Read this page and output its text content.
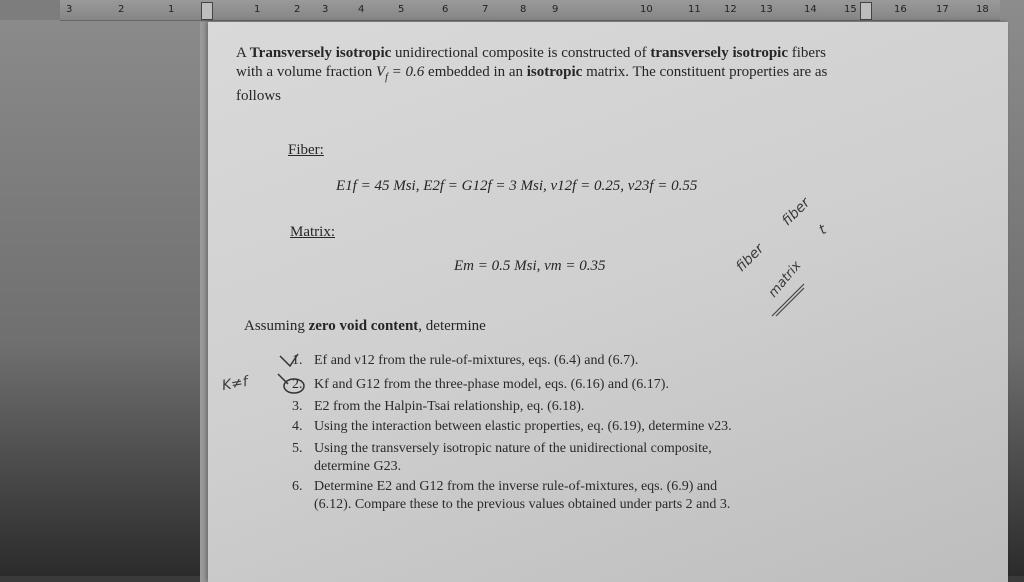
3	2	1	1	2 3	4	5	6	7	8	9	10	11 12 13	14	15	16	17	18
A Transversely isotropic unidirectional composite is constructed of transversely isotropic fibers with a volume fraction $V_f = 0.6$ embedded in an isotropic matrix. The constituent properties are as follows
Fiber:
E1f = 45 Msi, E2f = G12f = 3 Msi, ν12f = 0.25, ν23f = 0.55
Matrix:
Em = 0.5 Msi, νm = 0.35
Assuming zero void content, determine
1. Ef and ν12 from the rule-of-mixtures, eqs. (6.4) and (6.7).
2. Kf and G12 from the three-phase model, eqs. (6.16) and (6.17).
3. E2 from the Halpin-Tsai relationship, eq. (6.18).
4. Using the interaction between elastic properties, eq. (6.19), determine ν23.
5. Using the transversely isotropic nature of the unidirectional composite,
determine G23.
6. Determine E2 and G12 from the inverse rule-of-mixtures, eqs. (6.9) and
(6.12). Compare these to the previous values obtained under parts 2 and 3.
K≠f
fiber
fiber
matrix
t
